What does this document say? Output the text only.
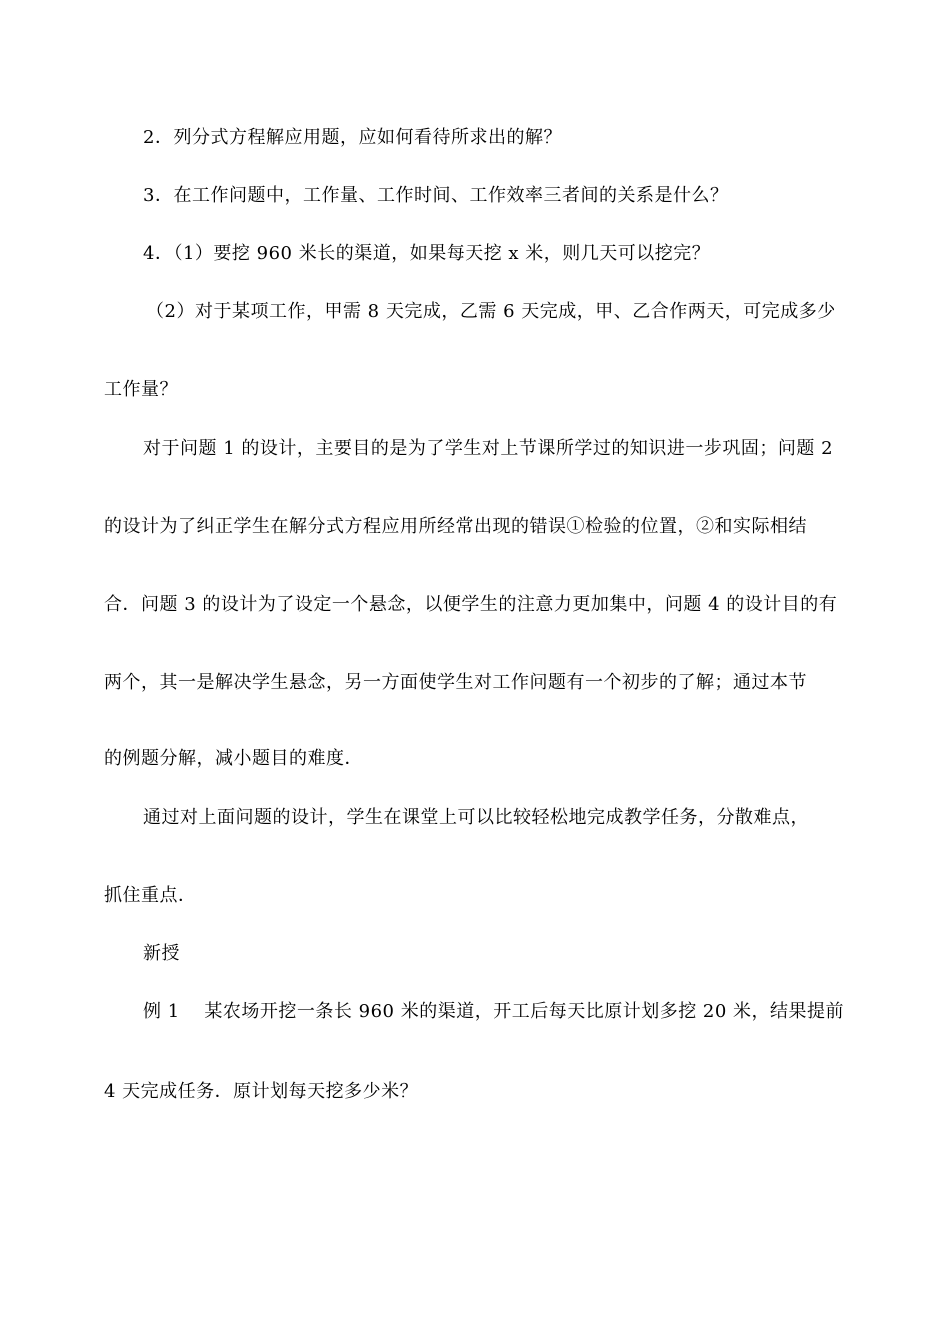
2．列分式方程解应用题，应如何看待所求出的解？
3．在工作问题中，工作量、工作时间、工作效率三者间的关系是什么？
4．（1）要挖 960 米长的渠道，如果每天挖 x 米，则几天可以挖完？
（2）对于某项工作，甲需 8 天完成，乙需 6 天完成，甲、乙合作两天，可完成多少
工作量？
对于问题 1 的设计，主要目的是为了学生对上节课所学过的知识进一步巩固；问题 2
的设计为了纠正学生在解分式方程应用所经常出现的错误①检验的位置，②和实际相结
合．问题 3 的设计为了设定一个悬念，以便学生的注意力更加集中，问题 4 的设计目的有
两个，其一是解决学生悬念，另一方面使学生对工作问题有一个初步的了解；通过本节
的例题分解，减小题目的难度．
通过对上面问题的设计，学生在课堂上可以比较轻松地完成教学任务，分散难点，
抓住重点．
新授
例 1　 某农场开挖一条长 960 米的渠道，开工后每天比原计划多挖 20 米，结果提前
4 天完成任务．原计划每天挖多少米？
